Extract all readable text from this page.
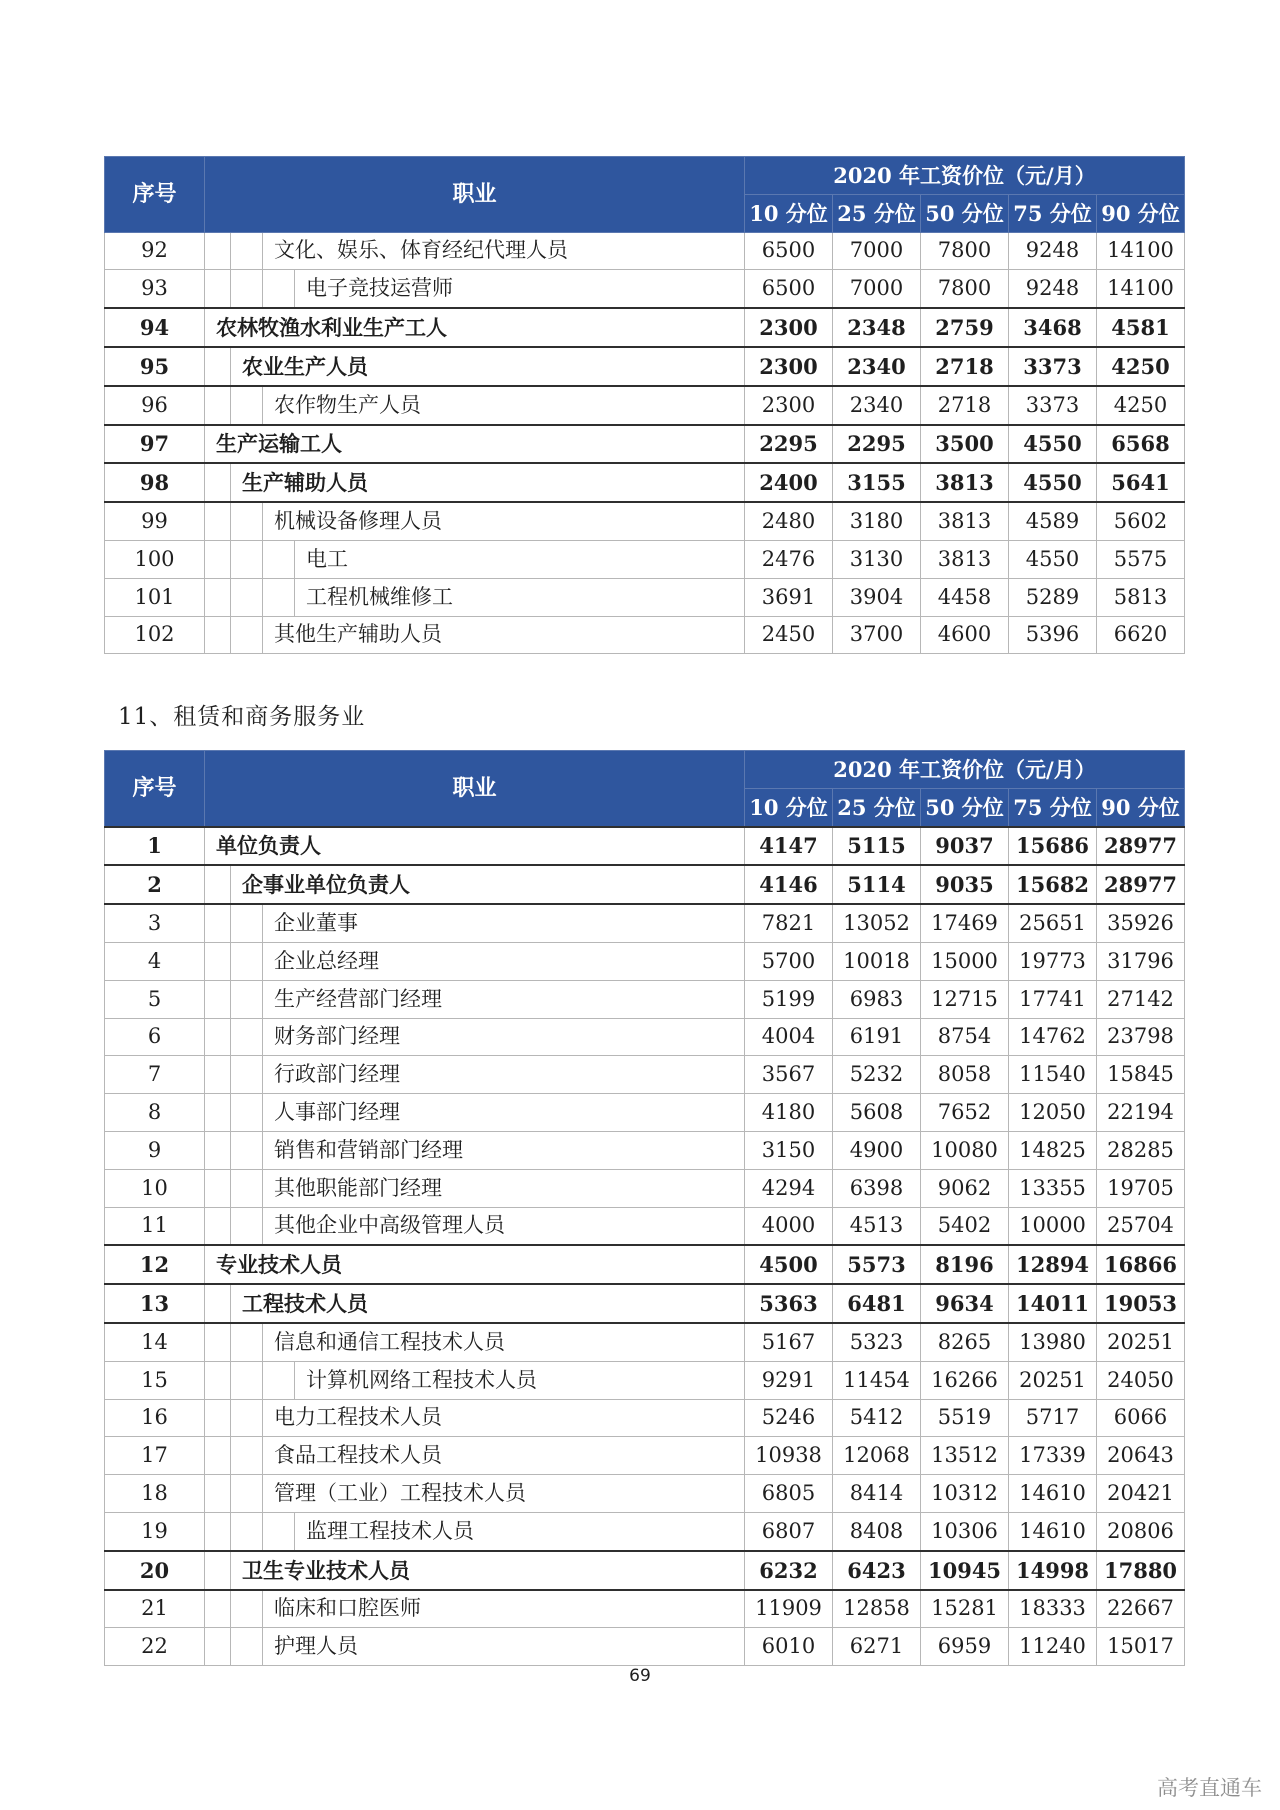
序号	职业				2020 年工资价位（元/月）				
					10 分位	25 分位	50 分位	75 分位	90 分位
92			文化、娱乐、体育经纪代理人员		6500	7000	7800	9248	14100
93				电子竞技运营师	6500	7000	7800	9248	14100
94	农林牧渔水利业生产工人				2300	2348	2759	3468	4581
95		农业生产人员			2300	2340	2718	3373	4250
96			农作物生产人员		2300	2340	2718	3373	4250
97	生产运输工人				2295	2295	3500	4550	6568
98		生产辅助人员			2400	3155	3813	4550	5641
99			机械设备修理人员		2480	3180	3813	4589	5602
100				电工	2476	3130	3813	4550	5575
101				工程机械维修工	3691	3904	4458	5289	5813
102			其他生产辅助人员		2450	3700	4600	5396	6620
11、租赁和商务服务业
序号	职业				2020 年工资价位（元/月）				
					10 分位	25 分位	50 分位	75 分位	90 分位
1	单位负责人				4147	5115	9037	15686	28977
2		企事业单位负责人			4146	5114	9035	15682	28977
3			企业董事		7821	13052	17469	25651	35926
4			企业总经理		5700	10018	15000	19773	31796
5			生产经营部门经理		5199	6983	12715	17741	27142
6			财务部门经理		4004	6191	8754	14762	23798
7			行政部门经理		3567	5232	8058	11540	15845
8			人事部门经理		4180	5608	7652	12050	22194
9			销售和营销部门经理		3150	4900	10080	14825	28285
10			其他职能部门经理		4294	6398	9062	13355	19705
11			其他企业中高级管理人员		4000	4513	5402	10000	25704
12	专业技术人员				4500	5573	8196	12894	16866
13		工程技术人员			5363	6481	9634	14011	19053
14			信息和通信工程技术人员		5167	5323	8265	13980	20251
15				计算机网络工程技术人员	9291	11454	16266	20251	24050
16			电力工程技术人员		5246	5412	5519	5717	6066
17			食品工程技术人员		10938	12068	13512	17339	20643
18			管理（工业）工程技术人员		6805	8414	10312	14610	20421
19				监理工程技术人员	6807	8408	10306	14610	20806
20		卫生专业技术人员			6232	6423	10945	14998	17880
21			临床和口腔医师		11909	12858	15281	18333	22667
22			护理人员		6010	6271	6959	11240	15017
69
高考直通车
